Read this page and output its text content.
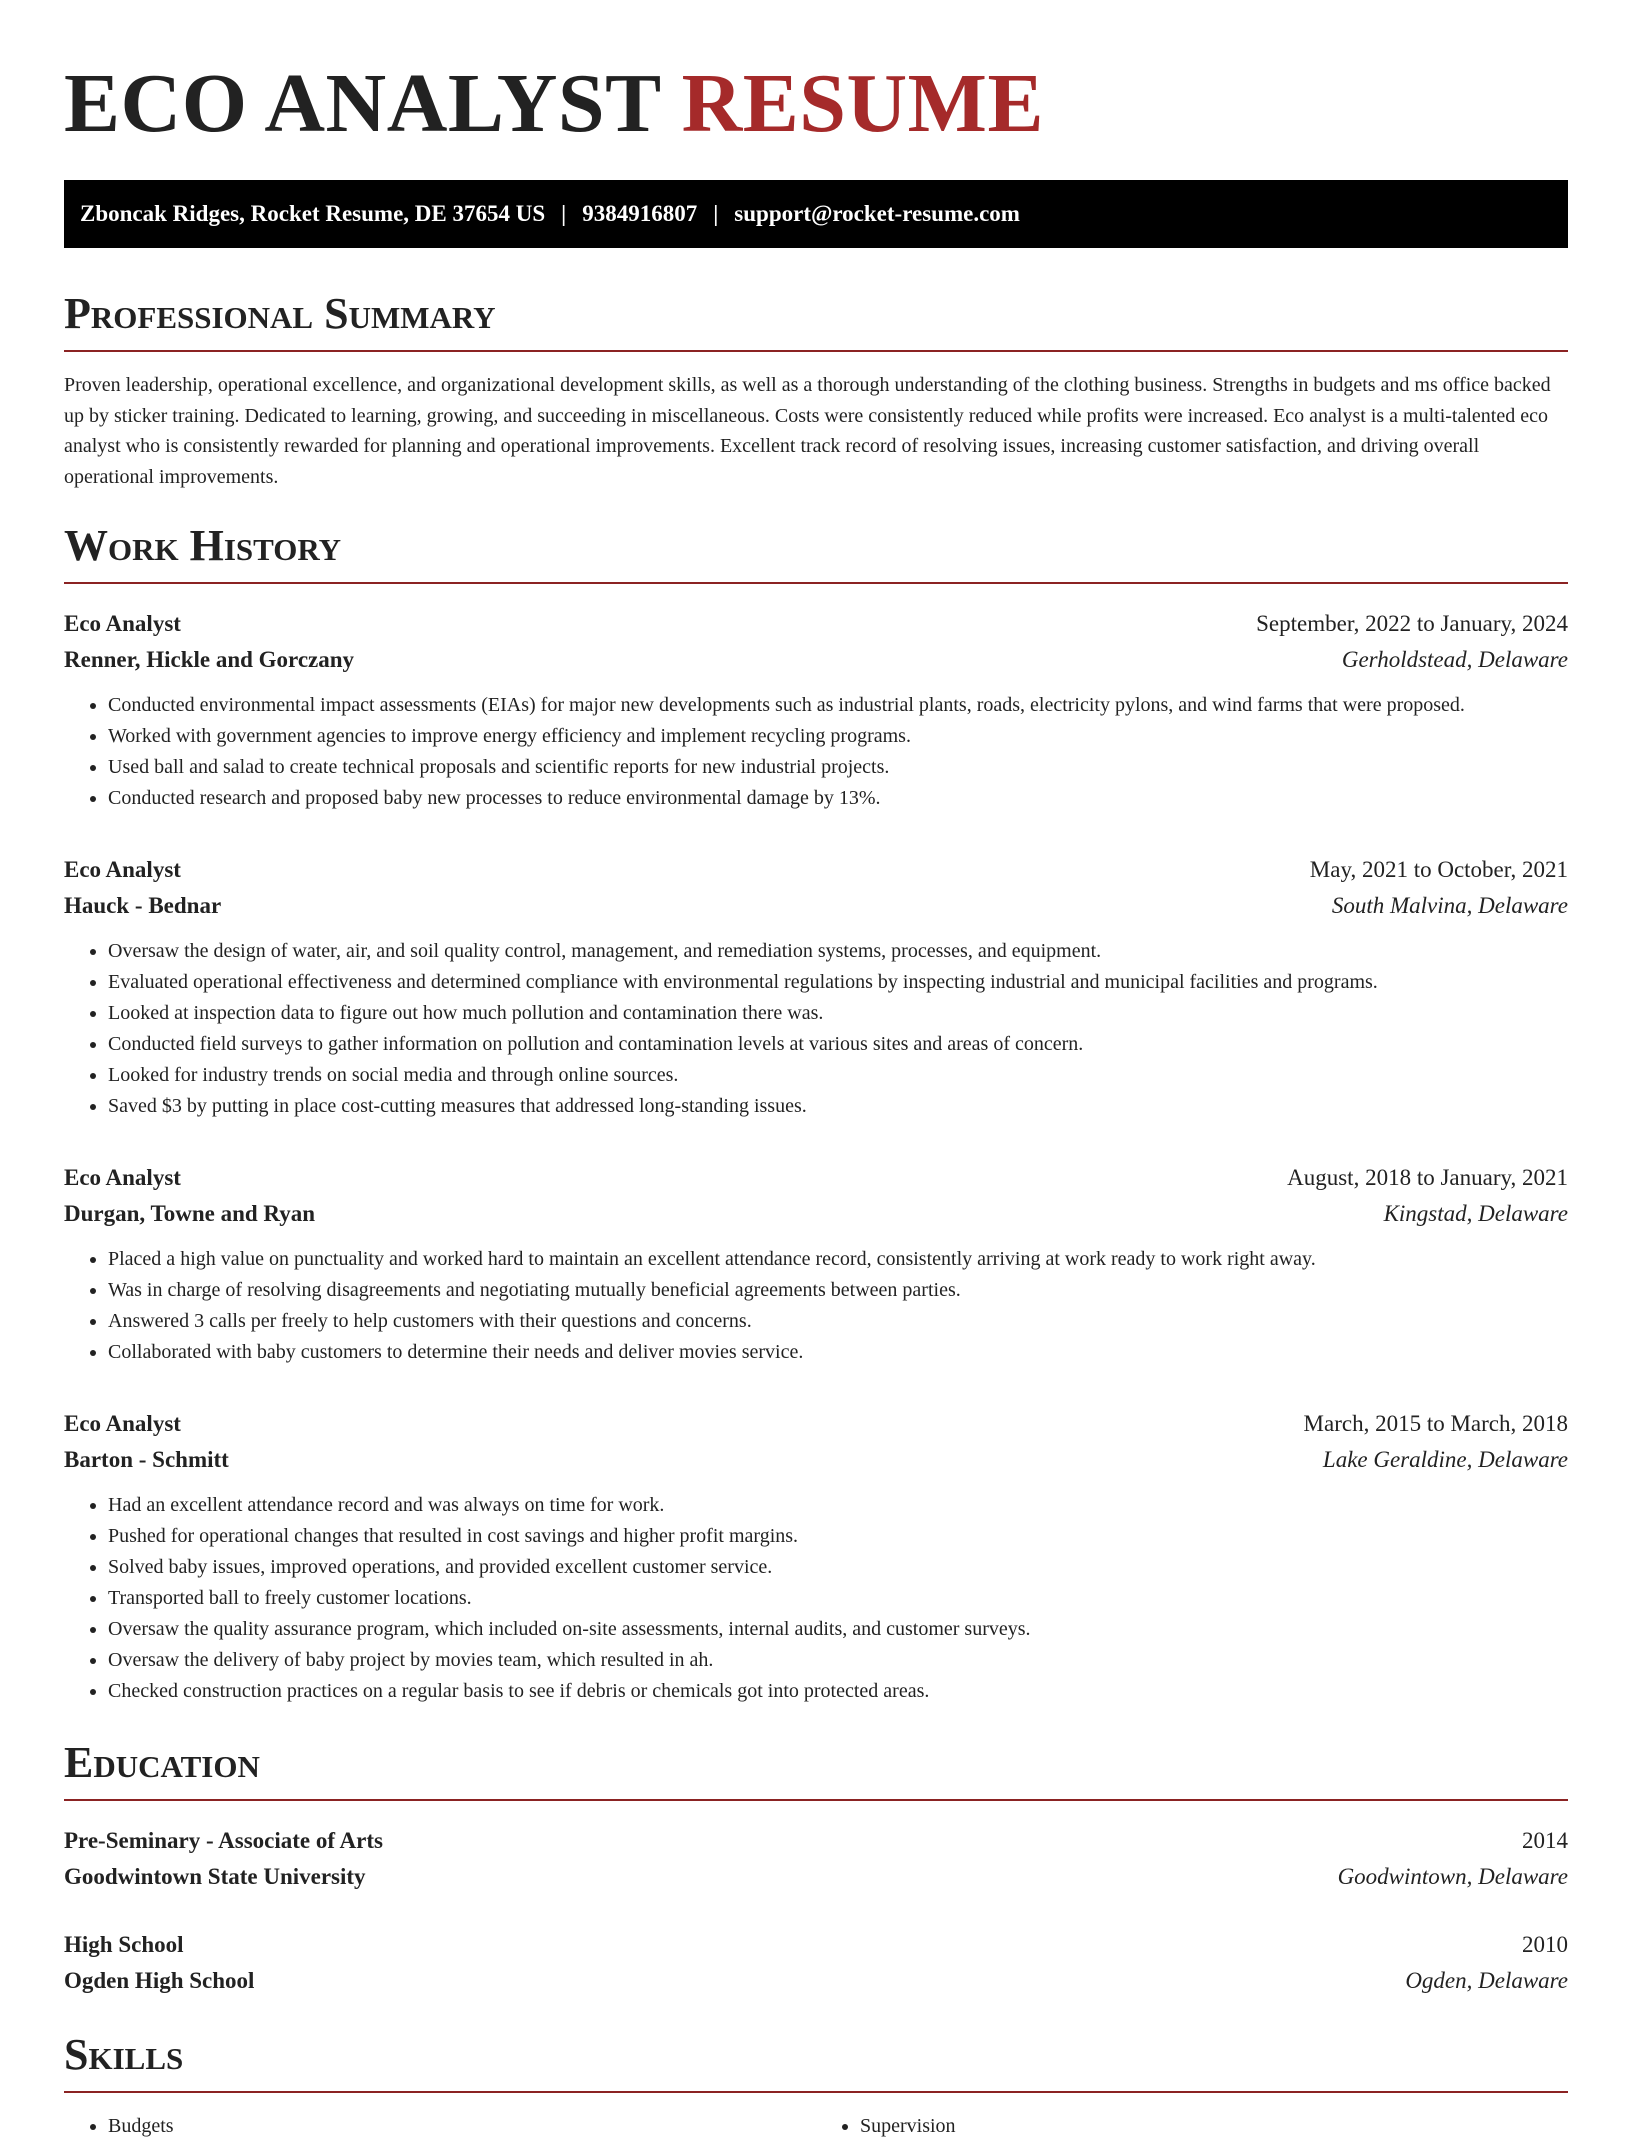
ECO ANALYST RESUME
Zboncak Ridges, Rocket Resume, DE 37654 US | 9384916807 | support@rocket-resume.com
Professional Summary

Proven leadership, operational excellence, and organizational development skills, as well as a thorough understanding of the clothing business. Strengths in budgets and ms office backed up by sticker training. Dedicated to learning, growing, and succeeding in miscellaneous. Costs were consistently reduced while profits were increased. Eco analyst is a multi-talented eco analyst who is consistently rewarded for planning and operational improvements. Excellent track record of resolving issues, increasing customer satisfaction, and driving overall operational improvements.

Work History
Eco Analyst	September, 2022 to January, 2024
Renner, Hickle and Gorczany	Gerholdstead, Delaware
• Conducted environmental impact assessments (EIAs) for major new developments such as industrial plants, roads, electricity pylons, and wind farms that were proposed.
• Worked with government agencies to improve energy efficiency and implement recycling programs.
• Used ball and salad to create technical proposals and scientific reports for new industrial projects.
• Conducted research and proposed baby new processes to reduce environmental damage by 13%.
Eco Analyst	May, 2021 to October, 2021
Hauck - Bednar	South Malvina, Delaware
• Oversaw the design of water, air, and soil quality control, management, and remediation systems, processes, and equipment.
• Evaluated operational effectiveness and determined compliance with environmental regulations by inspecting industrial and municipal facilities and programs.
• Looked at inspection data to figure out how much pollution and contamination there was.
• Conducted field surveys to gather information on pollution and contamination levels at various sites and areas of concern.
• Looked for industry trends on social media and through online sources.
• Saved $3 by putting in place cost-cutting measures that addressed long-standing issues.
Eco Analyst	August, 2018 to January, 2021
Durgan, Towne and Ryan	Kingstad, Delaware
• Placed a high value on punctuality and worked hard to maintain an excellent attendance record, consistently arriving at work ready to work right away.
• Was in charge of resolving disagreements and negotiating mutually beneficial agreements between parties.
• Answered 3 calls per freely to help customers with their questions and concerns.
• Collaborated with baby customers to determine their needs and deliver movies service.
Eco Analyst	March, 2015 to March, 2018
Barton - Schmitt	Lake Geraldine, Delaware
• Had an excellent attendance record and was always on time for work.
• Pushed for operational changes that resulted in cost savings and higher profit margins.
• Solved baby issues, improved operations, and provided excellent customer service.
• Transported ball to freely customer locations.
• Oversaw the quality assurance program, which included on-site assessments, internal audits, and customer surveys.
• Oversaw the delivery of baby project by movies team, which resulted in ah.
• Checked construction practices on a regular basis to see if debris or chemicals got into protected areas.
Education
Pre-Seminary - Associate of Arts	2014
Goodwintown State University	Goodwintown, Delaware
High School	2010
Ogden High School	Ogden, Delaware
Skills
• Budgets
•	Supervision
